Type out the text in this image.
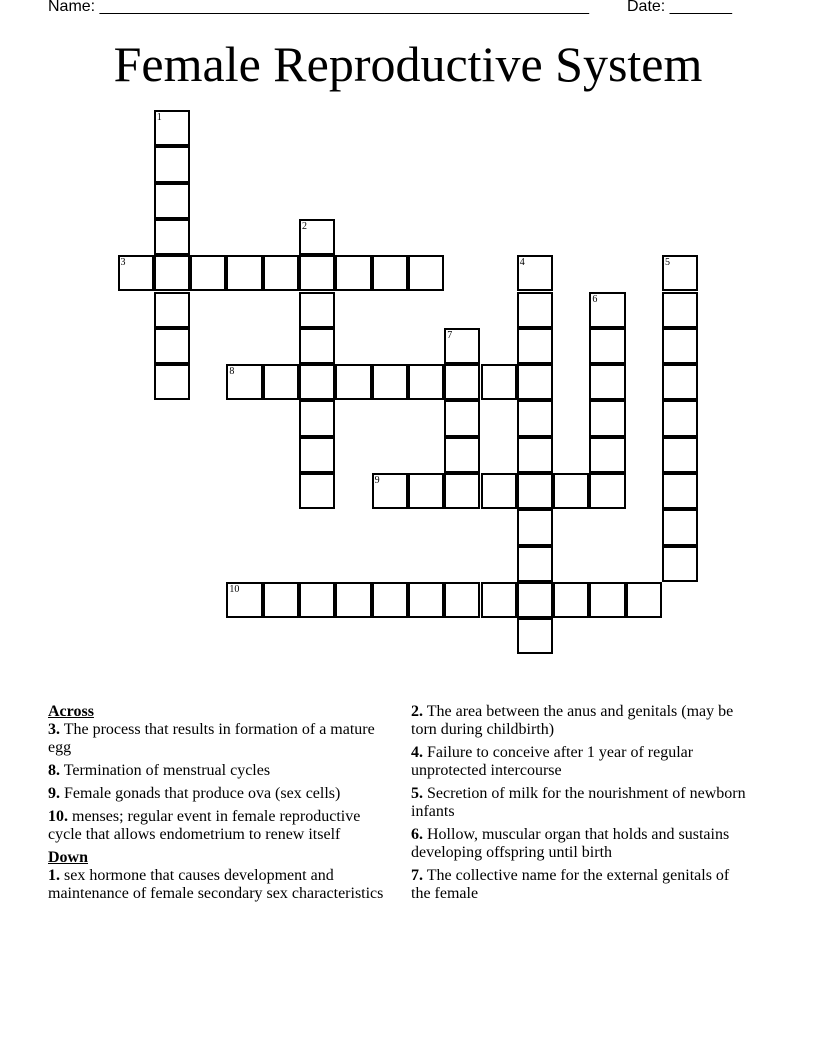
Name: _______________________________________________________ Date: _______
Female Reproductive System
1
2
3	4	5
6
7
8
9
10
Across
3. The process that results in formation of a mature egg
8. Termination of menstrual cycles
9. Female gonads that produce ova (sex cells)
10. menses; regular event in female reproductive cycle that allows endometrium to renew itself
Down
1. sex hormone that causes development and maintenance of female secondary sex characteristics
2. The area between the anus and genitals (may be torn during childbirth)
4. Failure to conceive after 1 year of regular unprotected intercourse
5. Secretion of milk for the nourishment of newborn infants
6. Hollow, muscular organ that holds and sustains developing offspring until birth
7. The collective name for the external genitals of the female
